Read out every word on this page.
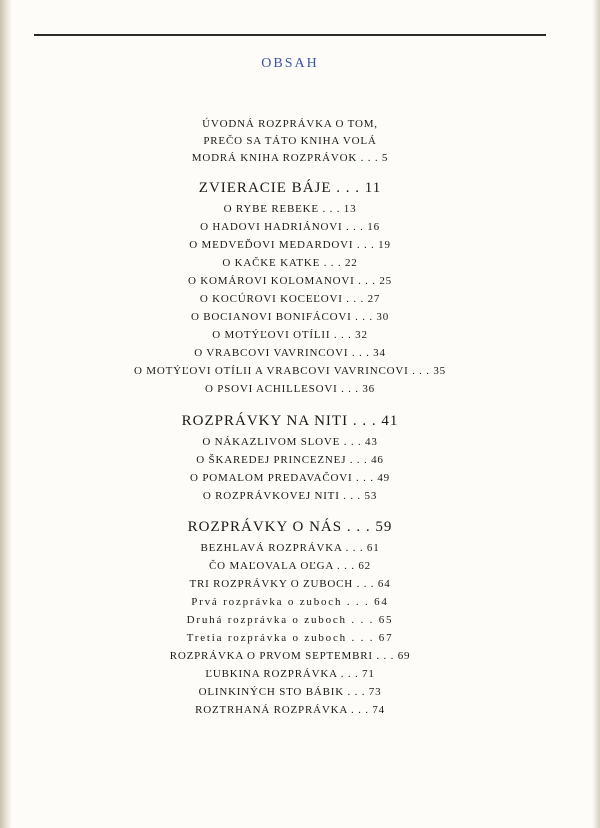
OBSAH
ÚVODNÁ ROZPRÁVKA O TOM,
PREČO SA TÁTO KNIHA VOLÁ
MODRÁ KNIHA ROZPRÁVOK . . . 5
ZVIERACIE BÁJE . . . 11
O RYBE REBEKE . . . 13
O HADOVI HADRIÁNOVI . . . 16
O MEDVEĎOVI MEDARDOVI . . . 19
O KAČKE KATKE . . . 22
O KOMÁROVI KOLOMANOVI . . . 25
O KOCÚROVI KOCEĽOVI . . . 27
O BOCIANOVI BONIFÁCOVI . . . 30
O MOTÝĽOVI OTÍLII . . . 32
O VRABCOVI VAVRINCOVI . . . 34
O MOTÝĽOVI OTÍLII A VRABCOVI VAVRINCOVI . . . 35
O PSOVI ACHILLESOVI . . . 36
ROZPRÁVKY NA NITI . . . 41
O NÁKAZLIVOM SLOVE . . . 43
O ŠKAREDEJ PRINCEZNEJ . . . 46
O POMALOM PREDAVAČOVI . . . 49
O ROZPRÁVKOVEJ NITI . . . 53
ROZPRÁVKY O NÁS . . . 59
BEZHLAVÁ ROZPRÁVKA . . . 61
ČO MAĽOVALA OĽGA . . . 62
TRI ROZPRÁVKY O ZUBOCH . . . 64
Prvá rozprávka o zuboch . . . 64
Druhá rozprávka o zuboch . . . 65
Tretia rozprávka o zuboch . . . 67
ROZPRÁVKA O PRVOM SEPTEMBRI . . . 69
ĽUBKINA ROZPRÁVKA . . . 71
OLINKINÝCH STO BÁBIK . . . 73
ROZTRHANÁ ROZPRÁVKA . . . 74
